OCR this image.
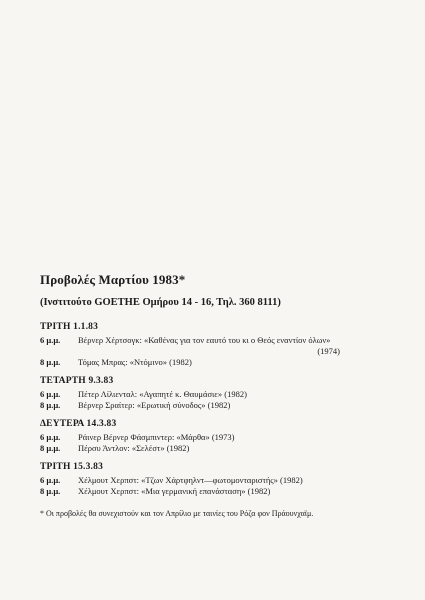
Προβολές Μαρτίου 1983*
(Ινστιτούτο GOETHE Ομήρου 14 - 16, Τηλ. 360 8111)
ΤΡΙΤΗ 1.1.83
6 μ.μ.	Βέρνερ Χέρτσογκ: «Καθένας για τον εαυτό του κι ο Θεός εναντίον όλων»
(1974)
8 μ.μ.	Τόμας Μπρας: «Ντόμινο» (1982)
ΤΕΤΑΡΤΗ 9.3.83
6 μ.μ.	Πέτερ Λίλιενταλ: «Αγαπητέ κ. Θαυμάσιε» (1982)
8 μ.μ.	Βέρνερ Σραίτερ: «Ερωτική σύνοδος» (1982)
ΔΕΥΤΕΡΑ 14.3.83
6 μ.μ.	Ράινερ Βέρνερ Φάσμπιντερ: «Μάρθα» (1973)
8 μ.μ.	Πέρσυ Άντλον: «Σελέστ» (1982)
ΤΡΙΤΗ 15.3.83
6 μ.μ.	Χέλμουτ Χερπστ: «Τζων Χάρτφηλντ—φωτομονταριστής» (1982)
8 μ.μ.	Χέλμουτ Χερπστ: «Μια γερμανική επανάσταση» (1982)
* Οι προβολές θα συνεχιστούν και τον Απρίλιο με ταινίες του Ρόζα φον Πράουνχαϊμ.
